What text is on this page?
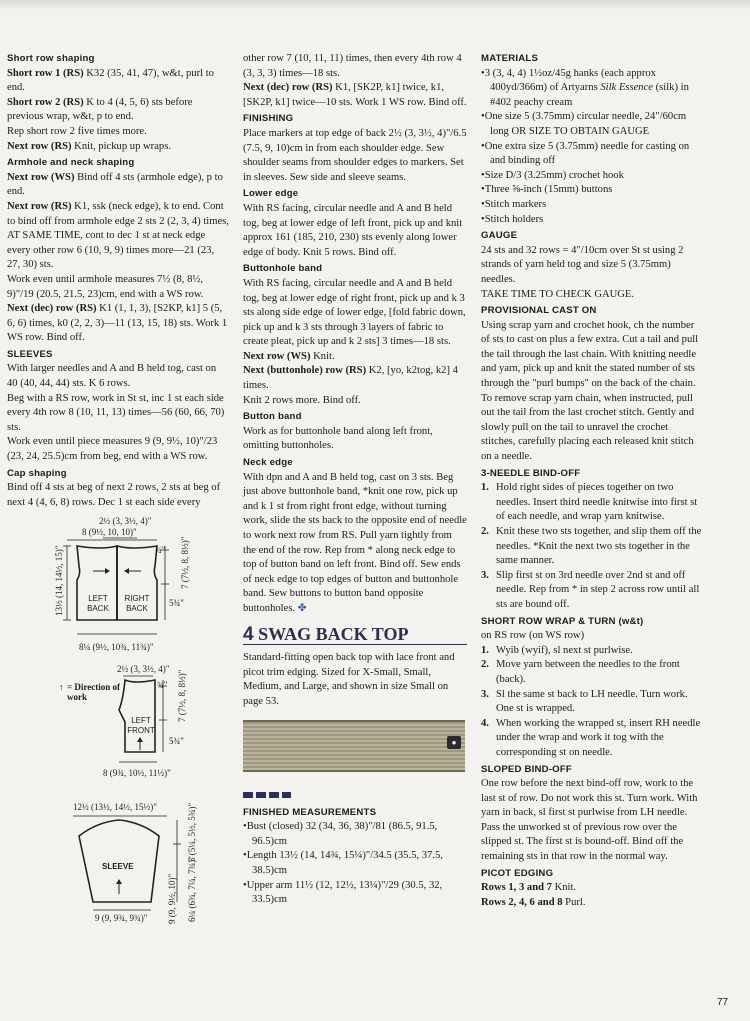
Short row shaping

Short row 1 (RS) K32 (35, 41, 47), w&t, purl to end.

Short row 2 (RS) K to 4 (4, 5, 6) sts before previous wrap, w&t, p to end.

Rep short row 2 five times more.

Next row (RS) Knit, pickup up wraps.

Armhole and neck shaping

Next row (WS) Bind off 4 sts (armhole edge), p to end.

Next row (RS) K1, ssk (neck edge), k to end. Cont to bind off from armhole edge 2 sts 2 (2, 3, 4) times, AT SAME TIME, cont to dec 1 st at neck edge every other row 6 (10, 9, 9) times more—21 (23, 27, 30) sts.

Work even until armhole measures 7½ (8, 8½, 9)"/19 (20.5, 21.5, 23)cm, end with a WS row.

Next (dec) row (RS) K1 (1, 1, 3), [S2KP, k1] 5 (5, 6, 6) times, k0 (2, 2, 3)—11 (13, 15, 18) sts. Work 1 WS row. Bind off.

SLEEVES

With larger needles and A and B held tog, cast on 40 (40, 44, 44) sts. K 6 rows.

Beg with a RS row, work in St st, inc 1 st each side every 4th row 8 (10, 11, 13) times—56 (60, 66, 70) sts.

Work even until piece measures 9 (9, 9½, 10)"/23 (23, 24, 25.5)cm from beg, end with a WS row.

Cap shaping

Bind off 4 sts at beg of next 2 rows, 2 sts at beg of next 4 (4, 6, 8) rows. Dec 1 st each side every

2½ (3, 3½, 4)"
8 (9½, 10, 10)"
¾" 7 (7½, 8, 8½)"
5¾"
13½ (14, 14½, 15)"	LEFT BACK
RIGHT BACK
8¼ (9½, 10¾, 11¾)"
2½ (3, 3½, 4)"
↑ = Direction of work
¾" 7 (7½, 8, 8½)"
5¾"
LEFT FRONT
8 (9¾, 10½, 11½)"
12½ (13½, 14½, 15½)"	5 (5¼, 5½, 5¾)"
6¼ (6¾, 7¼, 7¾)"
9 (9, 9½, 10)"
SLEEVE
9 (9, 9¾, 9¾)"

other row 7 (10, 11, 11) times, then every 4th row 4 (3, 3, 3) times—18 sts.

Next (dec) row (RS) K1, [SK2P, k1] twice, k1, [SK2P, k1] twice—10 sts. Work 1 WS row. Bind off.

FINISHING

Place markers at top edge of back 2½ (3, 3½, 4)"/6.5 (7.5, 9, 10)cm in from each shoulder edge. Sew shoulder seams from shoulder edges to markers. Set in sleeves. Sew side and sleeve seams.

Lower edge

With RS facing, circular needle and A and B held tog, beg at lower edge of left front, pick up and knit approx 161 (185, 210, 230) sts evenly along lower edge of body. Knit 5 rows. Bind off.

Buttonhole band

With RS facing, circular needle and A and B held tog, beg at lower edge of right front, pick up and k 3 sts along side edge of lower edge, [fold fabric down, pick up and k 3 sts through 3 layers of fabric to create pleat, pick up and k 2 sts] 3 times—18 sts.

Next row (WS) Knit.

Next (buttonhole) row (RS) K2, [yo, k2tog, k2] 4 times.

Knit 2 rows more. Bind off.

Button band

Work as for buttonhole band along left front, omitting buttonholes.

Neck edge

With dpn and A and B held tog, cast on 3 sts. Beg just above buttonhole band, *knit one row, pick up and k 1 st from right front edge, without turning work, slide the sts back to the opposite end of needle to work next row from RS. Pull yarn tightly from the end of the row. Rep from * along neck edge to top of button band on left front. Bind off. Sew ends of neck edge to top edges of button and buttonhole band. Sew buttons to button band opposite buttonholes. ✤

4 SWAG BACK TOP

Standard-fitting open back top with lace front and picot trim edging. Sized for X-Small, Small, Medium, and Large, and shown in size Small on page 53.

●
FINISHED MEASUREMENTS
• Bust (closed) 32 (34, 36, 38)"/81 (86.5, 91.5, 96.5)cm
• Length 13½ (14, 14¾, 15¼)"/34.5 (35.5, 37.5, 38.5)cm
• Upper arm 11½ (12, 12½, 13¼)"/29 (30.5, 32, 33.5)cm
MATERIALS
• 3 (3, 4, 4) 1½oz/45g hanks (each approx 400yd/366m) of Artyarns Silk Essence (silk) in #402 peachy cream
• One size 5 (3.75mm) circular needle, 24"/60cm long OR SIZE TO OBTAIN GAUGE
• One extra size 5 (3.75mm) needle for casting on and binding off
• Size D/3 (3.25mm) crochet hook
• Three ⅝-inch (15mm) buttons
• Stitch markers
• Stitch holders
GAUGE

24 sts and 32 rows = 4"/10cm over St st using 2 strands of yarn held tog and size 5 (3.75mm) needles.

TAKE TIME TO CHECK GAUGE.

PROVISIONAL CAST ON

Using scrap yarn and crochet hook, ch the number of sts to cast on plus a few extra. Cut a tail and pull the tail through the last chain. With knitting needle and yarn, pick up and knit the stated number of sts through the "purl bumps" on the back of the chain. To remove scrap yarn chain, when instructed, pull out the tail from the last crochet stitch. Gently and slowly pull on the tail to unravel the crochet stitches, carefully placing each released knit stitch on a needle.

3-NEEDLE BIND-OFF
1. Hold right sides of pieces together on two needles. Insert third needle knitwise into first st of each needle, and wrap yarn knitwise.
2. Knit these two sts together, and slip them off the needles. *Knit the next two sts together in the same manner.
3. Slip first st on 3rd needle over 2nd st and off needle. Rep from * in step 2 across row until all sts are bound off.
SHORT ROW WRAP & TURN (w&t)

on RS row (on WS row)

1. Wyib (wyif), sl next st purlwise.
2. Move yarn between the needles to the front (back).
3. Sl the same st back to LH needle. Turn work. One st is wrapped.
4. When working the wrapped st, insert RH needle under the wrap and work it tog with the corresponding st on needle.
SLOPED BIND-OFF

One row before the next bind-off row, work to the last st of row. Do not work this st. Turn work. With yarn in back, sl first st purlwise from LH needle. Pass the unworked st of previous row over the slipped st. The first st is bound-off. Bind off the remaining sts in that row in the normal way.

PICOT EDGING

Rows 1, 3 and 7 Knit.

Rows 2, 4, 6 and 8 Purl.

77
